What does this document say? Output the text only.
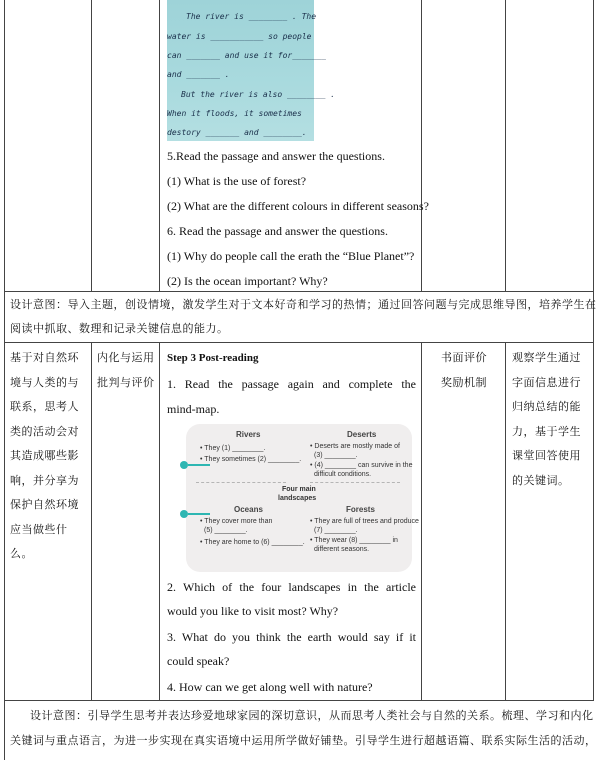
The river is ________ . The
water is ___________ so people
can _______ and use it for_______
and _______ .
But the river is also ________ .
When it floods, it sometimes
destory _______ and ________.
5.Read the passage and answer the questions.
(1) What is the use of forest?
(2) What are the different colours in different seasons?
6. Read the passage and answer the questions.
(1) Why do people call the erath the “Blue Planet”?
(2) Is the ocean important? Why?
设计意图：导入主题，创设情境，激发学生对于文本好奇和学习的热情；通过回答问题与完成思维导图，培养学生在
阅读中抓取、数理和记录关键信息的能力。
基于对自然环
境与人类的与
联系，思考人
类的活动会对
其造成哪些影
响，并分享为
保护自然环境
应当做些什
么。
内化与运用
批判与评价
Step 3 Post-reading
1. Read the passage again and complete the
mind-map.
Rivers
• They (1) ________.
• They sometimes (2) ________.
Deserts
• Deserts are mostly made of
(3) ________.
• (4) ________ can survive in the
difficult conditions.
Four main
landscapes
Oceans
• They cover more than
(5) ________.
• They are home to (6) ________.
Forests
• They are full of trees and produce
(7) ________.
• They wear (8) ________ in
different seasons.
2. Which of the four landscapes in the article
would you like to visit most? Why?
3. What do you think the earth would say if it
could speak?
4. How can we get along well with nature?
书面评价
奖励机制
观察学生通过
字面信息进行
归纳总结的能
力，基于学生
课堂回答使用
的关键词。
设计意图：引导学生思考并表达珍爱地球家园的深切意识，从而思考人类社会与自然的关系。梳理、学习和内化
关键词与重点语言，为进一步实现在真实语境中运用所学做好铺垫。引导学生进行超越语篇、联系实际生活的活动，
